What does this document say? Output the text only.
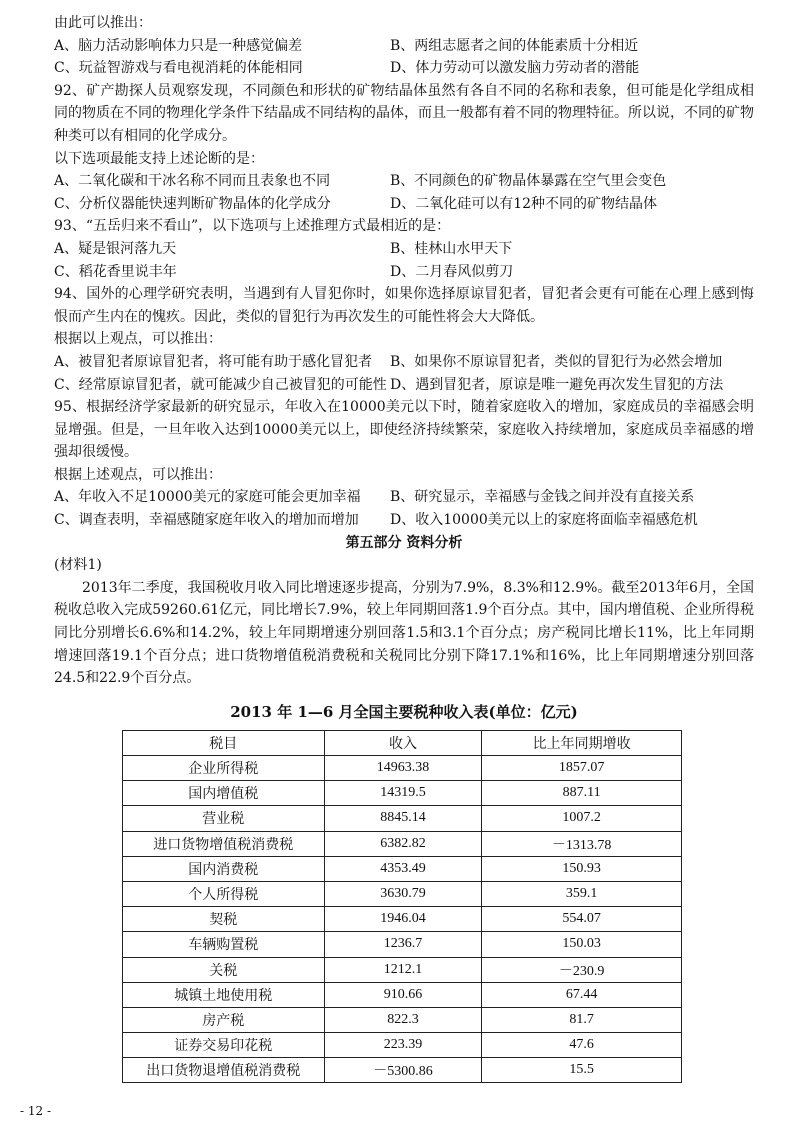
由此可以推出：

A、脑力活动影响体力只是一种感觉偏差	B、两组志愿者之间的体能素质十分相近
C、玩益智游戏与看电视消耗的体能相同	D、体力劳动可以激发脑力劳动者的潜能

92、矿产勘探人员观察发现，不同颜色和形状的矿物结晶体虽然有各自不同的名称和表象，但可能是化学组成相同的物质在不同的物理化学条件下结晶成不同结构的晶体，而且一般都有着不同的物理特征。所以说，不同的矿物种类可以有相同的化学成分。

以下选项最能支持上述论断的是：

A、二氧化碳和干冰名称不同而且表象也不同	B、不同颜色的矿物晶体暴露在空气里会变色
C、分析仪器能快速判断矿物晶体的化学成分	D、二氧化硅可以有12种不同的矿物结晶体

93、“五岳归来不看山”，以下选项与上述推理方式最相近的是：

A、疑是银河落九天	B、桂林山水甲天下
C、稻花香里说丰年	D、二月春风似剪刀

94、国外的心理学研究表明，当遇到有人冒犯你时，如果你选择原谅冒犯者，冒犯者会更有可能在心理上感到悔恨而产生内在的愧疚。因此，类似的冒犯行为再次发生的可能性将会大大降低。

根据以上观点，可以推出：

A、被冒犯者原谅冒犯者，将可能有助于感化冒犯者	B、如果你不原谅冒犯者，类似的冒犯行为必然会增加
C、经常原谅冒犯者，就可能减少自己被冒犯的可能性 D、遇到冒犯者，原谅是唯一避免再次发生冒犯的方法

95、根据经济学家最新的研究显示，年收入在10000美元以下时，随着家庭收入的增加，家庭成员的幸福感会明显增强。但是，一旦年收入达到10000美元以上，即使经济持续繁荣，家庭收入持续增加，家庭成员幸福感的增强却很缓慢。

根据上述观点，可以推出：

A、年收入不足10000美元的家庭可能会更加幸福	B、研究显示，幸福感与金钱之间并没有直接关系
C、调查表明，幸福感随家庭年收入的增加而增加	D、收入10000美元以上的家庭将面临幸福感危机

第五部分 资料分析

(材料1)

2013年二季度，我国税收月收入同比增速逐步提高，分别为7.9%，8.3%和12.9%。截至2013年6月，全国税收总收入完成59260.61亿元，同比增长7.9%，较上年同期回落1.9个百分点。其中，国内增值税、企业所得税同比分别增长6.6%和14.2%，较上年同期增速分别回落1.5和3.1个百分点；房产税同比增长11%，比上年同期增速回落19.1个百分点；进口货物增值税消费税和关税同比分别下降17.1%和16%，比上年同期增速分别回落24.5和22.9个百分点。

2013 年 1—6 月全国主要税种收入表(单位：亿元)
税目	收入	比上年同期增收
企业所得税	14963.38	1857.07
国内增值税	14319.5	887.11
营业税	8845.14	1007.2
进口货物增值税消费税	6382.82	－1313.78
国内消费税	4353.49	150.93
个人所得税	3630.79	359.1
契税	1946.04	554.07
车辆购置税	1236.7	150.03
关税	1212.1	－230.9
城镇土地使用税	910.66	67.44
房产税	822.3	81.7
证券交易印花税	223.39	47.6
出口货物退增值税消费税	－5300.86	15.5
- 12 -
